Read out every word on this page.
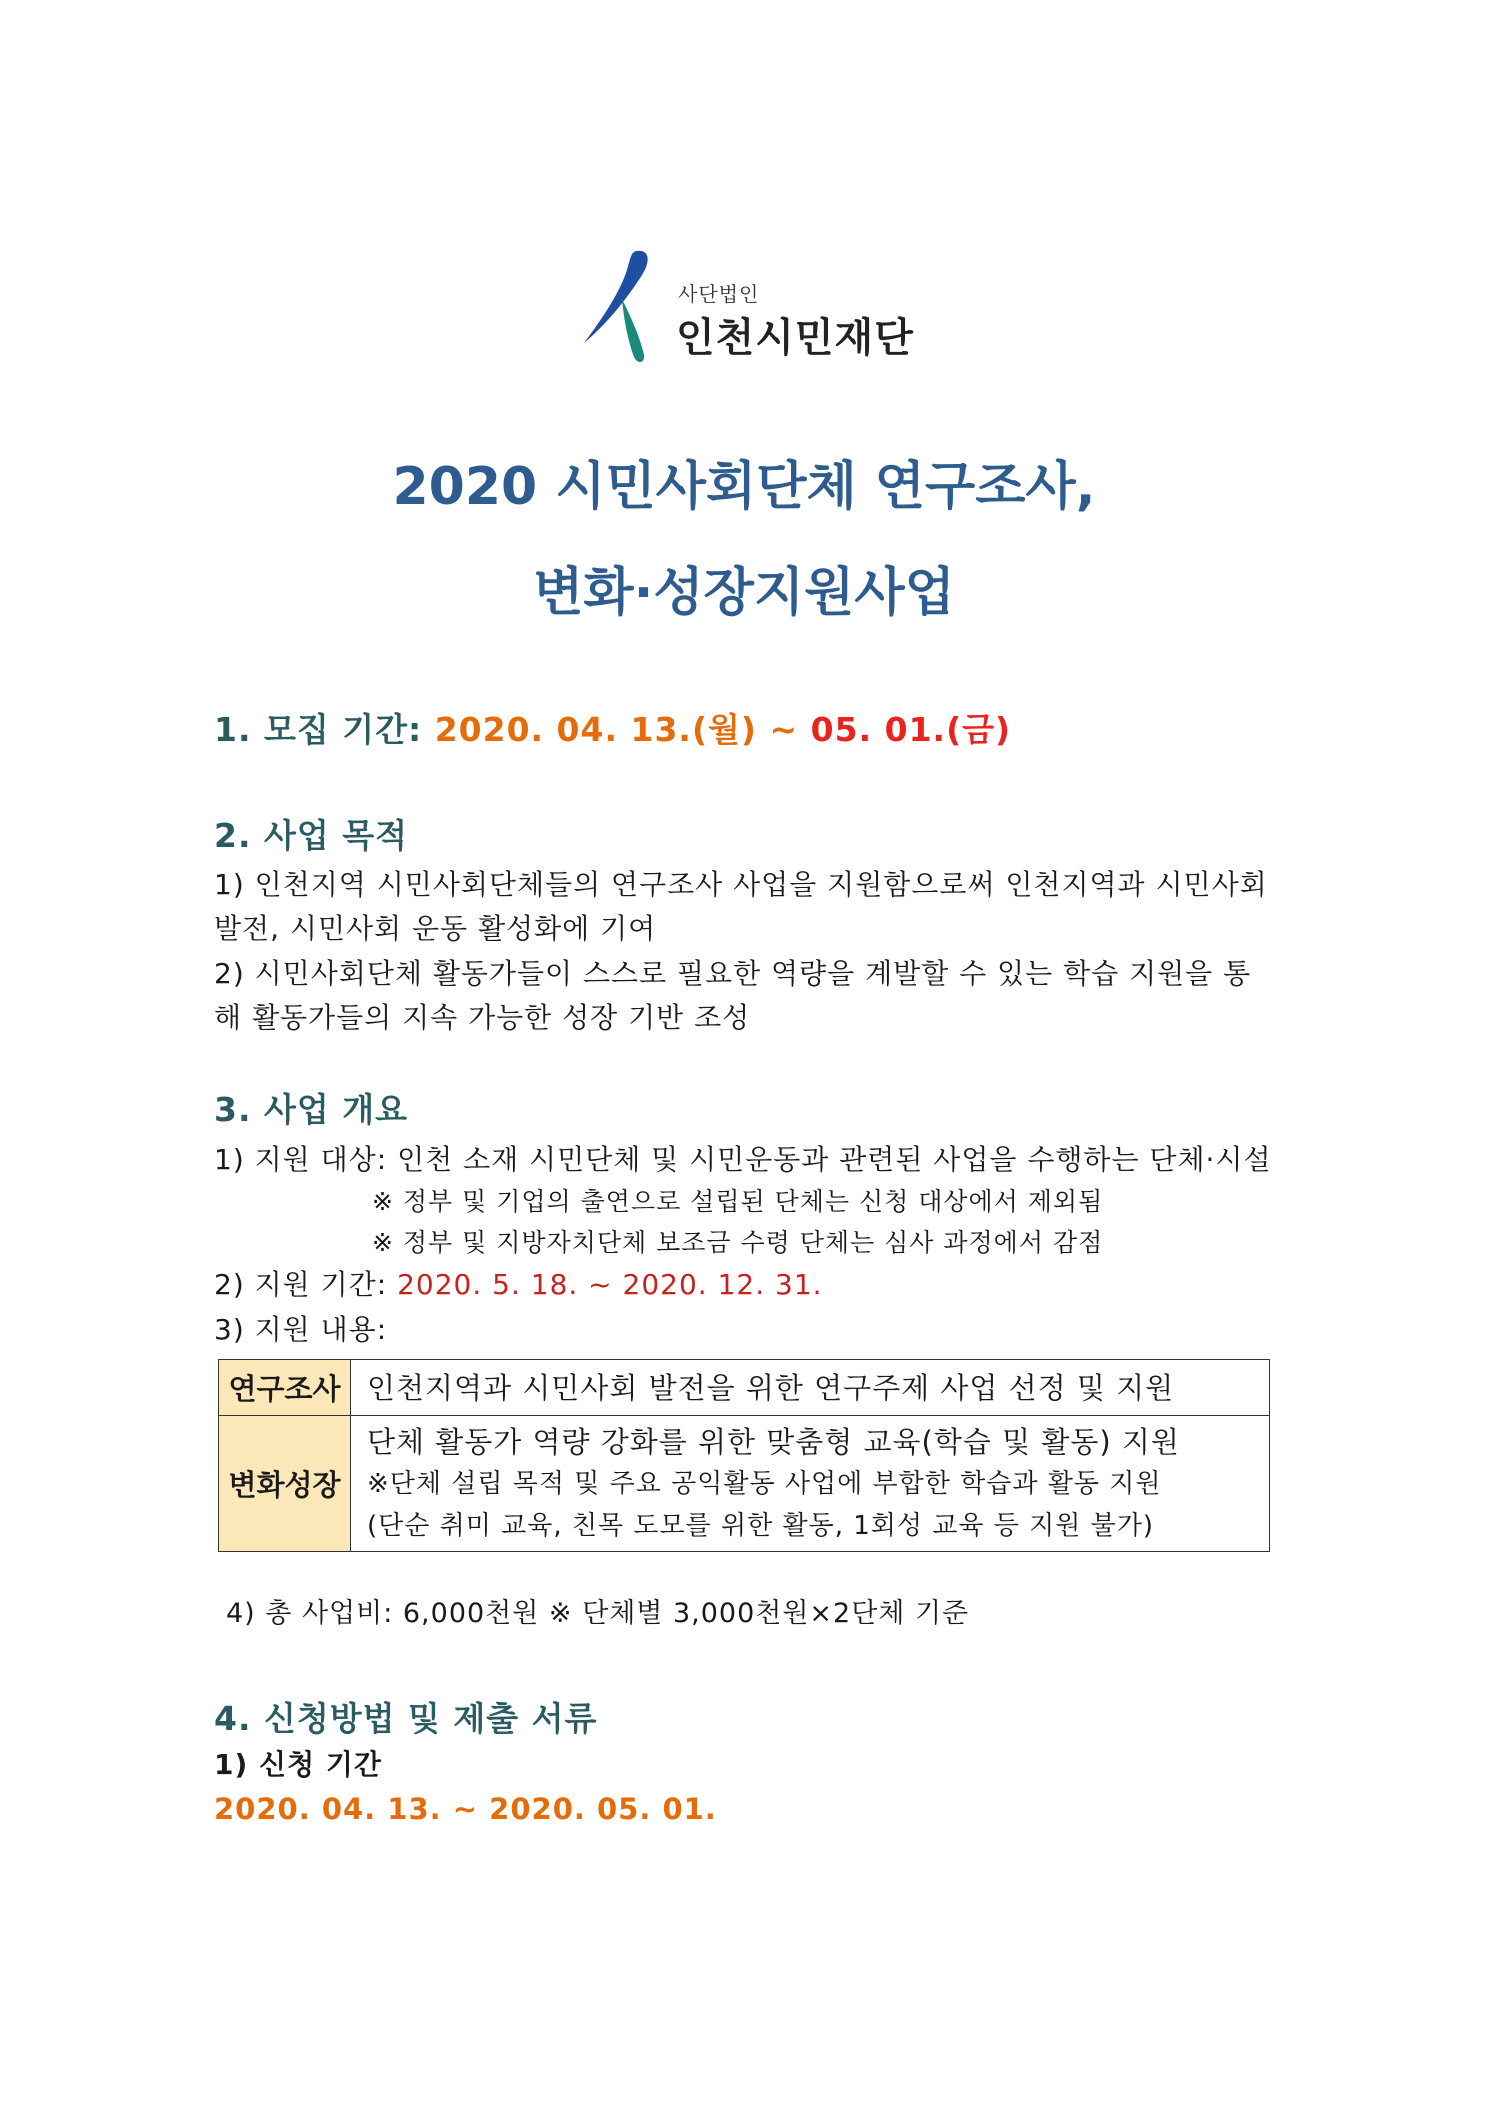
사단법인
인천시민재단
2020 시민사회단체 연구조사,
변화·성장지원사업
1. 모집 기간: 2020. 04. 13.(월) ~ 05. 01.(금)
2. 사업 목적
1) 인천지역 시민사회단체들의 연구조사 사업을 지원함으로써 인천지역과 시민사회
발전, 시민사회 운동 활성화에 기여
2) 시민사회단체 활동가들이 스스로 필요한 역량을 계발할 수 있는 학습 지원을 통
해 활동가들의 지속 가능한 성장 기반 조성
3. 사업 개요
1) 지원 대상: 인천 소재 시민단체 및 시민운동과 관련된 사업을 수행하는 단체·시설
※ 정부 및 기업의 출연으로 설립된 단체는 신청 대상에서 제외됨
※ 정부 및 지방자치단체 보조금 수령 단체는 심사 과정에서 감점
2) 지원 기간: 2020. 5. 18. ~ 2020. 12. 31.
3) 지원 내용:
연구조사	인천지역과 시민사회 발전을 위한 연구주제 사업 선정 및 지원
변화성장	단체 활동가 역량 강화를 위한 맞춤형 교육(학습 및 활동) 지원
※단체 설립 목적 및 주요 공익활동 사업에 부합한 학습과 활동 지원
(단순 취미 교육, 친목 도모를 위한 활동, 1회성 교육 등 지원 불가)
4) 총 사업비: 6,000천원 ※ 단체별 3,000천원×2단체 기준
4. 신청방법 및 제출 서류
1) 신청 기간
2020. 04. 13. ~ 2020. 05. 01.
